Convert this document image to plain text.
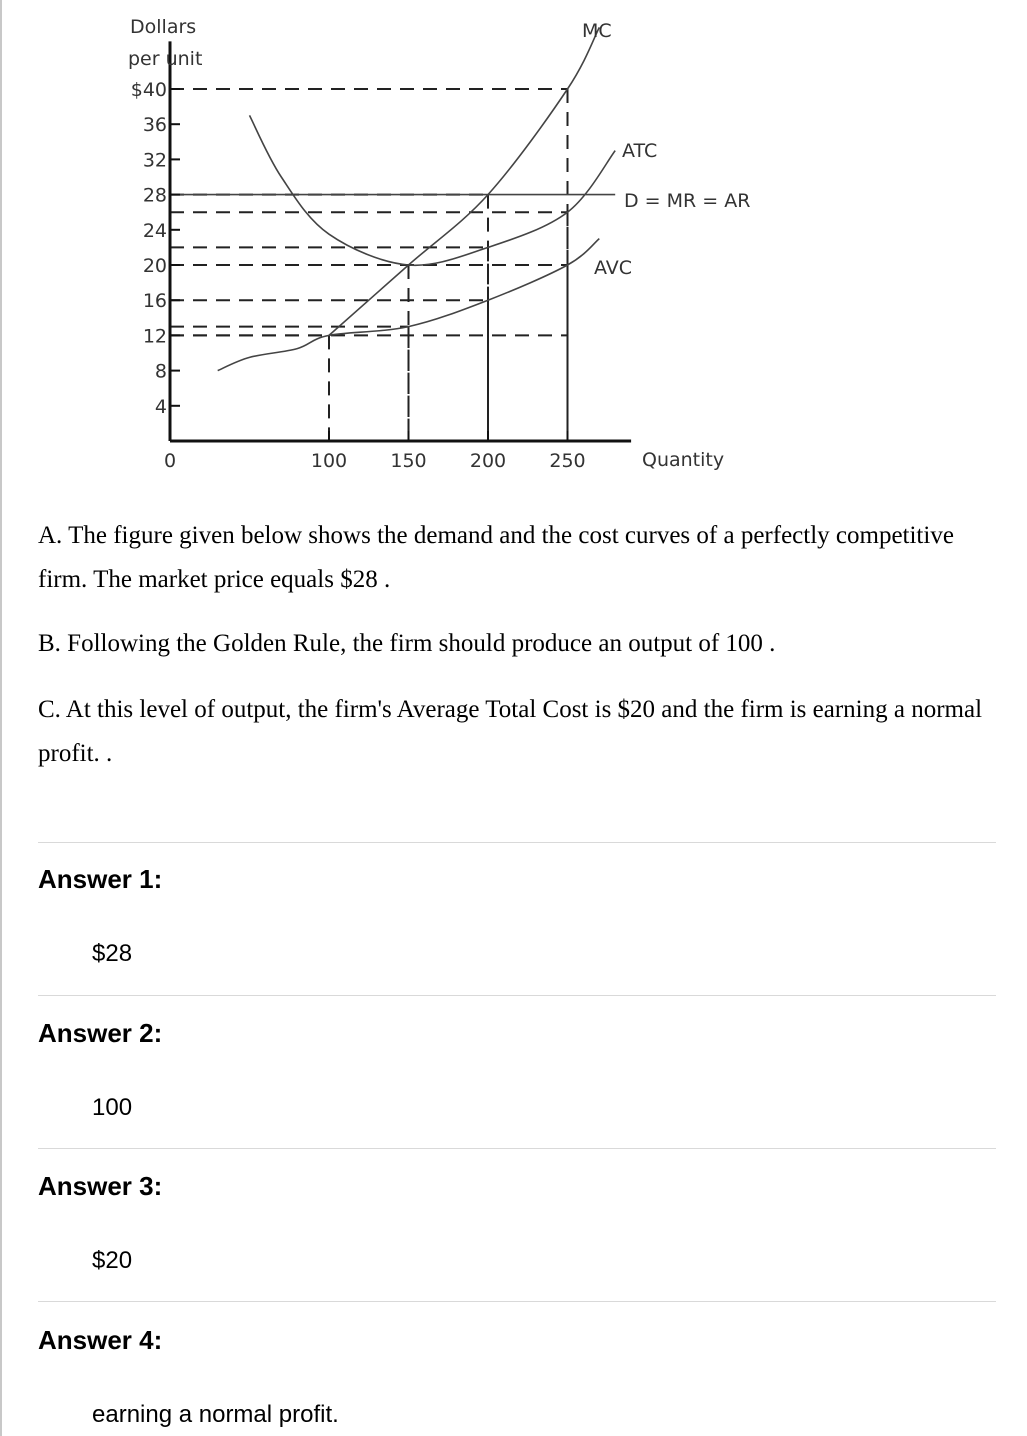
Dollars
per unit
Quantity
MC
ATC
AVC
D = MR = AR
$40
36
32
28
24
20
16
12
8
4
0	100 150 200 250

A. The figure given below shows the demand and the cost curves of a perfectly competitive firm. The market price equals $28 .

B. Following the Golden Rule, the firm should produce an output of 100 .

C. At this level of output, the firm's Average Total Cost is $20 and the firm is earning a normal profit. .

Answer 1:

$28

Answer 2:

100

Answer 3:

$20

Answer 4:

earning a normal profit.
